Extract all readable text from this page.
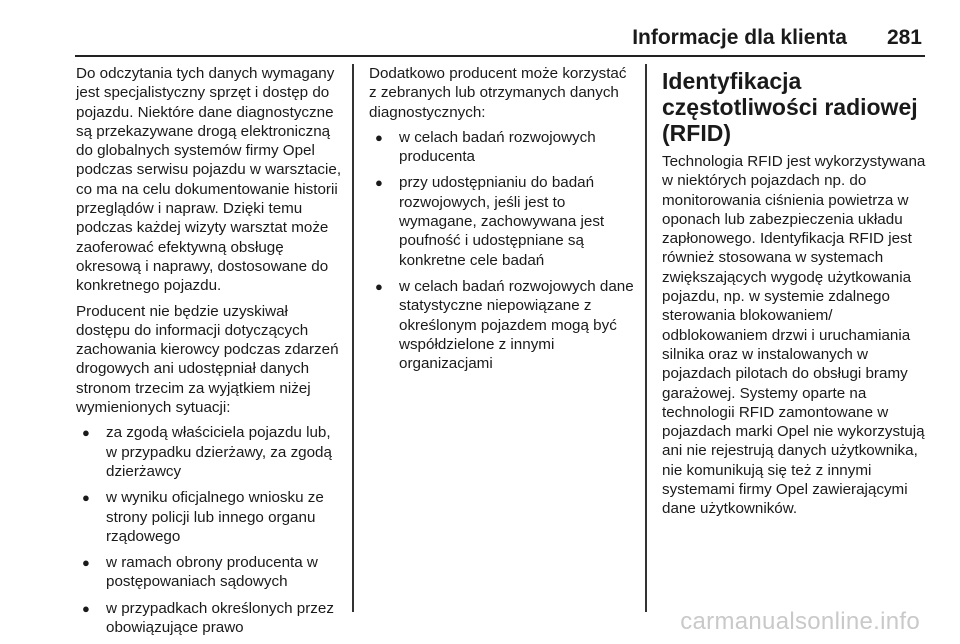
Informacje dla klienta 281

Do odczytania tych danych wymagany jest specjalistyczny sprzęt i dostęp do pojazdu. Niektóre dane diagnostyczne są przekazywane drogą elektroniczną do globalnych systemów firmy Opel podczas serwisu pojazdu w warsztacie, co ma na celu dokumentowanie historii przeglądów i napraw. Dzięki temu podczas każdej wizyty warsztat może zaoferować efektywną obsługę okresową i naprawy, dostosowane do konkretnego pojazdu.

Producent nie będzie uzyskiwał dostępu do informacji dotyczących zachowania kierowcy podczas zdarzeń drogowych ani udostępniał danych stronom trzecim za wyjątkiem niżej wymienionych sytuacji:

● za zgodą właściciela pojazdu lub, w przypadku dzierżawy, za zgodą dzierżawcy
● w wyniku oficjalnego wniosku ze strony policji lub innego organu rządowego
● w ramach obrony producenta w postępowaniach sądowych
● w przypadkach określonych przez obowiązujące prawo

Dodatkowo producent może korzystać z zebranych lub otrzymanych danych diagnostycznych:

● w celach badań rozwojowych producenta
● przy udostępnianiu do badań rozwojowych, jeśli jest to wymagane, zachowywana jest poufność i udostępniane są konkretne cele badań
● w celach badań rozwojowych dane statystyczne niepowiązane z określonym pojazdem mogą być współdzielone z innymi organizacjami
Identyfikacja częstotliwości radiowej (RFID)

Technologia RFID jest wykorzystywana w niektórych pojazdach np. do monitorowania ciśnienia powietrza w oponach lub zabezpieczenia układu zapłonowego. Identyfikacja RFID jest również stosowana w systemach zwiększających wygodę użytkowania pojazdu, np. w systemie zdalnego sterowania blokowaniem/ odblokowaniem drzwi i uruchamiania silnika oraz w instalowanych w pojazdach pilotach do obsługi bramy garażowej. Systemy oparte na technologii RFID zamontowane w pojazdach marki Opel nie wykorzystują ani nie rejestrują danych użytkownika, nie komunikują się też z innymi systemami firmy Opel zawierającymi dane użytkowników.

carmanualsonline.info
